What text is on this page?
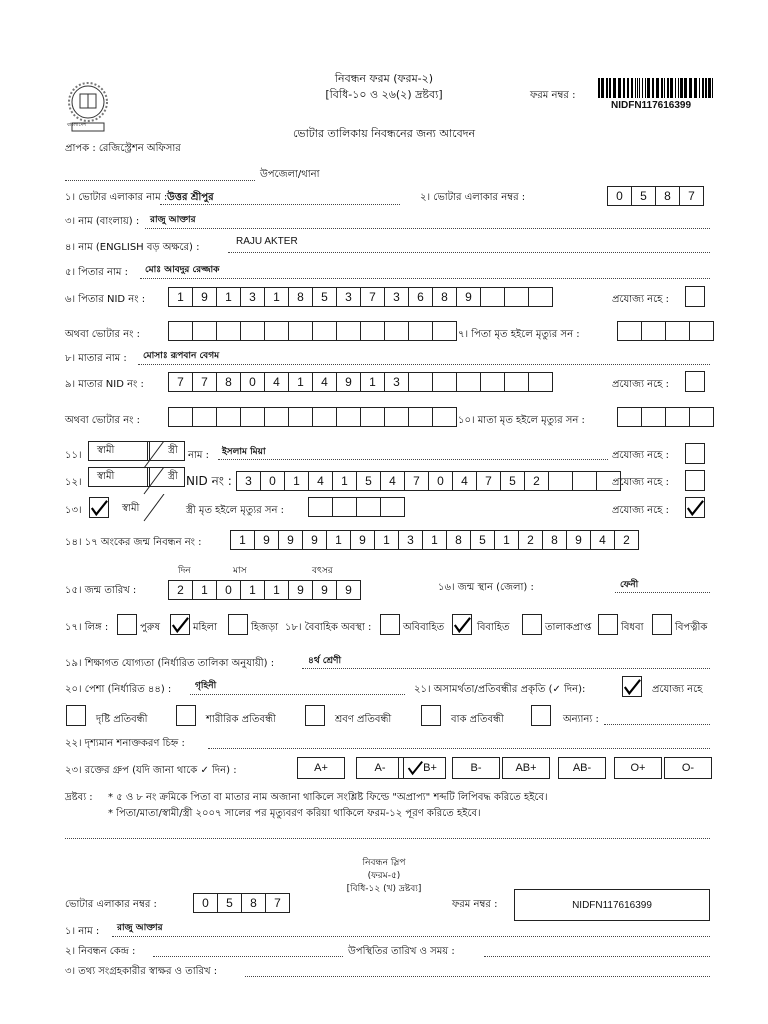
বাংলাদেশ
নিবন্ধন ফরম (ফরম-২)
[বিধি-১০ ও ২৬(২) দ্রষ্টব্য]	ফরম নম্বর :
NIDFN117616399
ভোটার তালিকায় নিবন্ধনের জন্য আবেদন
প্রাপক : রেজিস্ট্রেশন অফিসার
উপজেলা/থানা
১। ভোটার এলাকার নাম : উত্তর শ্রীপুর	২। ভোটার এলাকার নম্বর :	0	5	8	7
৩। নাম (বাংলায়) : রাজু আক্তার
৪। নাম (ENGLISH বড় অক্ষরে) :
RAJU AKTER
৫। পিতার নাম : মোঃ আবদুর রেজ্জাক
৬। পিতার NID নং :	1	9	1	3	1	8	5	3	7	3	6	8	9	প্রযোজ্য নহে :
অথবা ভোটার নং :	৭। পিতা মৃত হইলে মৃত্যুর সন :
৮। মাতার নাম : মোসাঃ রূপবান বেগম
৯। মাতার NID নং :	7	7	8	0	4	1	4	9	1	3	প্রযোজ্য নহে :
অথবা ভোটার নং :	১০। মাতা মৃত হইলে মৃত্যুর সন :
১১। স্বামী	স্ত্রী নাম : ইসলাম মিয়া	প্রযোজ্য নহে :
১২।
স্বামী	স্ত্রী NID নং :	3	0	1	4	1	5	4	7	0	4	7	5	2	প্রযোজ্য নহে :
১৩।	স্বামী	স্ত্রী মৃত হইলে মৃত্যুর সন :	প্রযোজ্য নহে :
১৪। ১৭ অংকের জন্ম নিবন্ধন নং :	1	9	9	9	1	9	1	3	1	8	5	1	2	8	9	4	2
দিন	মাস	বৎসর
১৫। জন্ম তারিখ :	2	1	0	1	1	9	9	9	১৬। জন্ম স্থান (জেলা) :	ফেনী
১৭। লিঙ্গ :	পুরুষ	মহিলা	হিজড়া ১৮। বৈবাহিক অবস্থা :	অবিবাহিত	বিবাহিত	তালাকপ্রাপ্ত	বিধবা	বিপত্নীক
১৯। শিক্ষাগত যোগ্যতা (নির্ধারিত তালিকা অনুযায়ী) :	৪র্থ শ্রেণী
২০। পেশা (নির্ধারিত ৪৪) :	গৃহিনী	২১। অসামর্থতা/প্রতিবন্ধীর প্রকৃতি (✓ দিন):	প্রযোজ্য নহে
দৃষ্টি প্রতিবন্ধী	শারীরিক প্রতিবন্ধী	শ্রবণ প্রতিবন্ধী	বাক প্রতিবন্ধী	অন্যান্য :
২২। দৃশ্যমান শনাক্তকরণ চিহ্ন :
২৩। রক্তের গ্রুপ (যদি জানা থাকে ✓ দিন) :	A+	A-	B+	B-	AB+	AB-	O+	O-
দ্রষ্টব্য : * ৫ ও ৮ নং ক্রমিকে পিতা বা মাতার নাম অজানা থাকিলে সংশ্লিষ্ট ফিল্ডে "অপ্রাপ্য" শব্দটি লিপিবদ্ধ করিতে হইবে।
* পিতা/মাতা/স্বামী/স্ত্রী ২০০৭ সালের পর মৃত্যুবরণ করিয়া থাকিলে ফরম-১২ পূরণ করিতে হইবে।
নিবন্ধন স্লিপ
(ফরম-৫)
[বিধি-১২ (খ) দ্রষ্টব্য]
ভোটার এলাকার নম্বর :	0	5	8	7	ফরম নম্বর :	NIDFN117616399
১। নাম : রাজু আক্তার
২। নিবন্ধন কেন্দ্র :	উপস্থিতির তারিখ ও সময় :
৩। তথ্য সংগ্রহকারীর স্বাক্ষর ও তারিখ :
